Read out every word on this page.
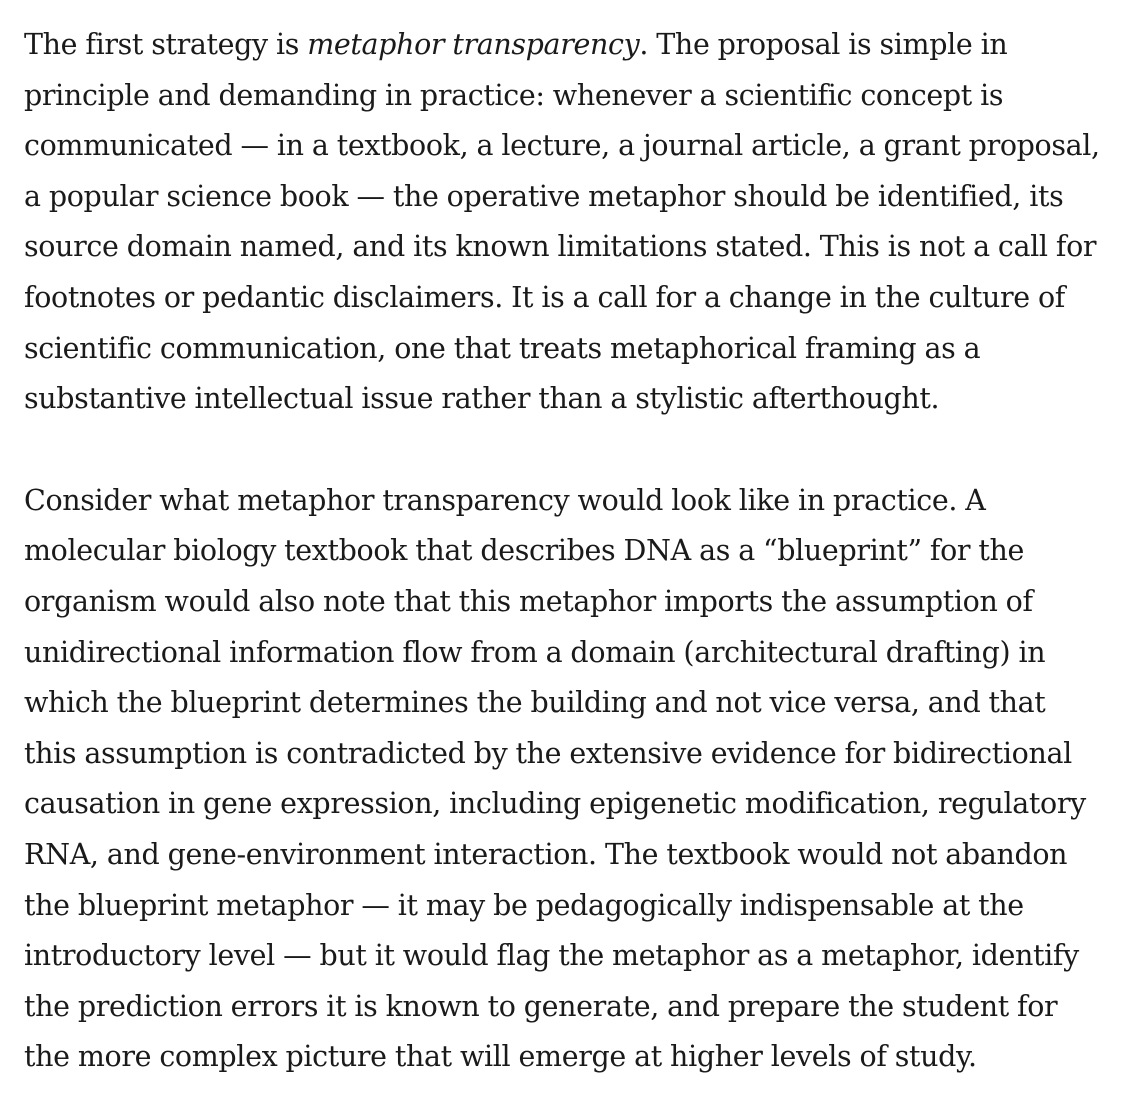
The first strategy is metaphor transparency. The proposal is simple in principle and demanding in practice: whenever a scientific concept is communicated — in a textbook, a lecture, a journal article, a grant proposal, a popular science book — the operative metaphor should be identified, its source domain named, and its known limitations stated. This is not a call for footnotes or pedantic disclaimers. It is a call for a change in the culture of scientific communication, one that treats metaphorical framing as a substantive intellectual issue rather than a stylistic afterthought.

Consider what metaphor transparency would look like in practice. A molecular biology textbook that describes DNA as a “blueprint” for the organism would also note that this metaphor imports the assumption of unidirectional information flow from a domain (architectural drafting) in which the blueprint determines the building and not vice versa, and that this assumption is contradicted by the extensive evidence for bidirectional causation in gene expression, including epigenetic modification, regulatory RNA, and gene-environment interaction. The textbook would not abandon the blueprint metaphor — it may be pedagogically indispensable at the introductory level — but it would flag the metaphor as a metaphor, identify the prediction errors it is known to generate, and prepare the student for the more complex picture that will emerge at higher levels of study.
